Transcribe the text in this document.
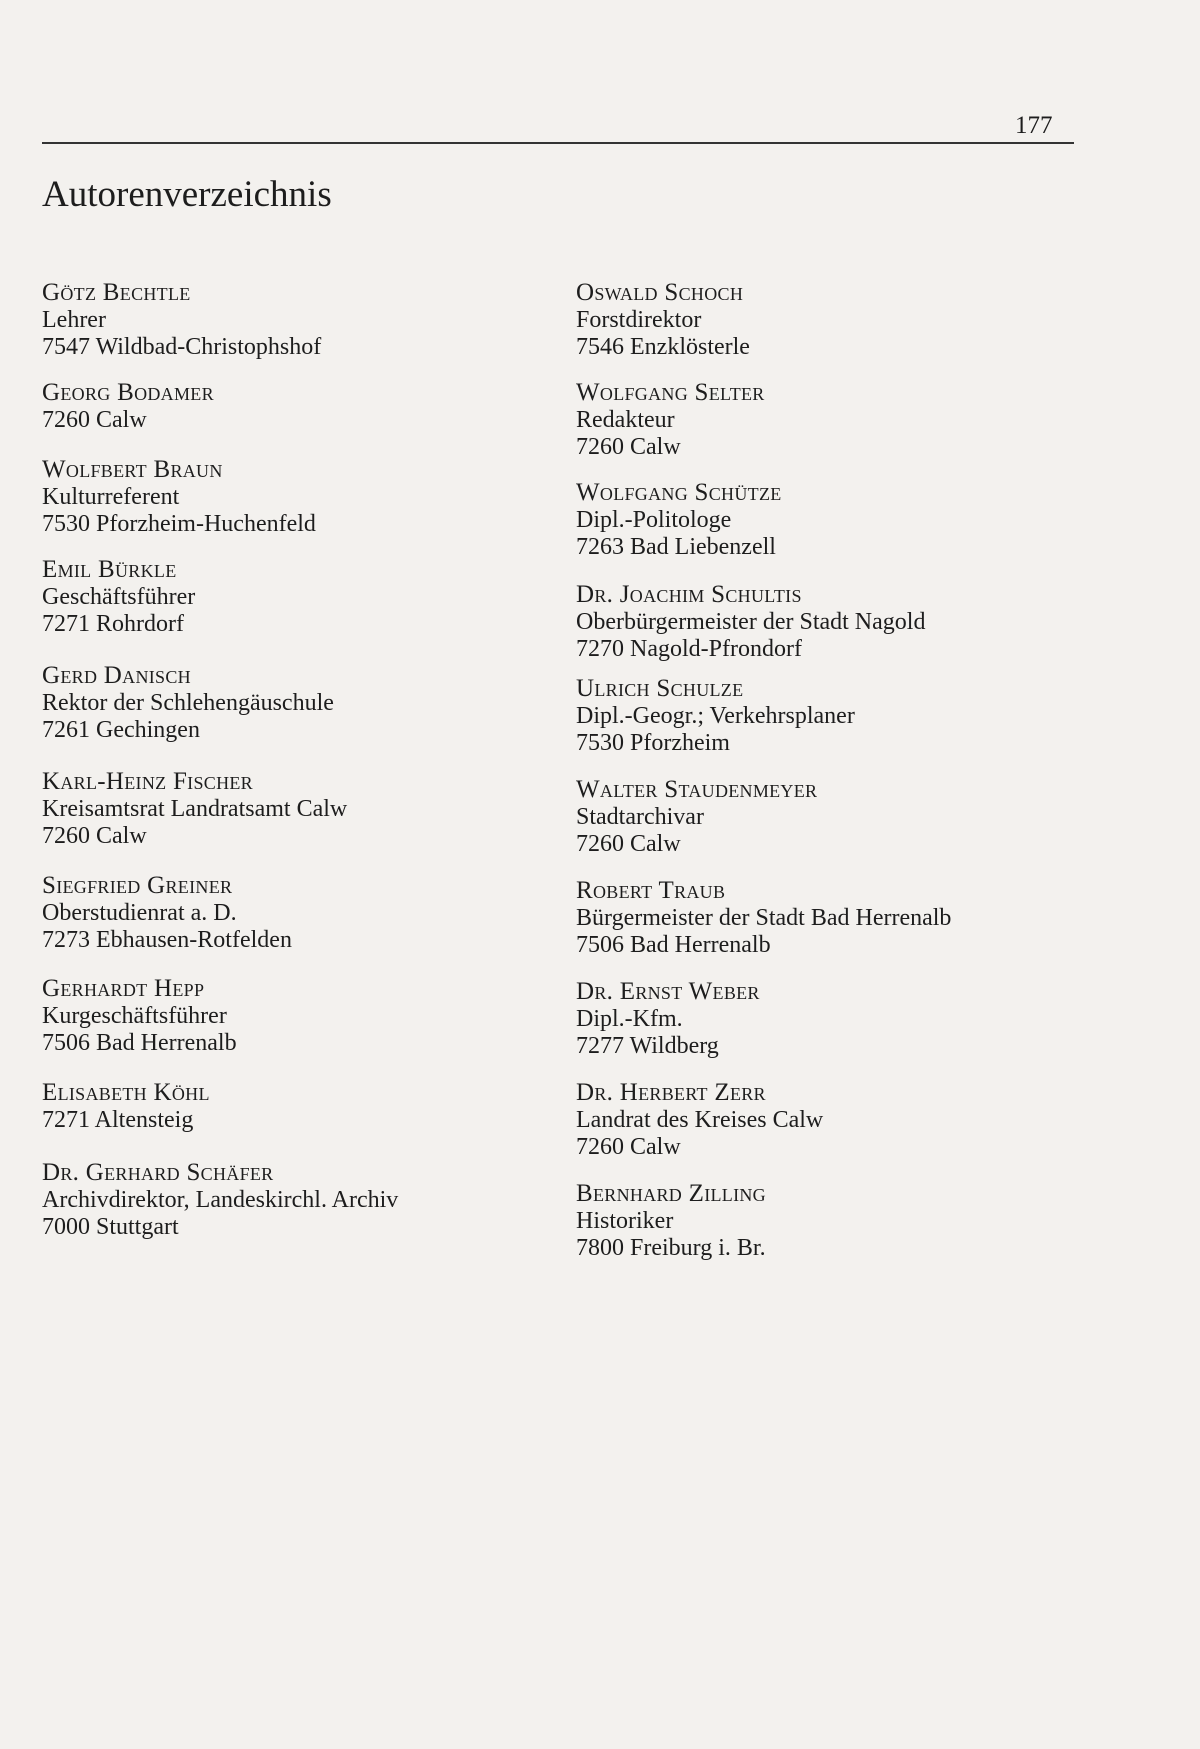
177
Autorenverzeichnis
Götz Bechtle
Lehrer
7547 Wildbad-Christophshof
Georg Bodamer
7260 Calw
Wolfbert Braun
Kulturreferent
7530 Pforzheim-Huchenfeld
Emil Bürkle
Geschäftsführer
7271 Rohrdorf
Gerd Danisch
Rektor der Schlehengäuschule
7261 Gechingen
Karl-Heinz Fischer
Kreisamtsrat Landratsamt Calw
7260 Calw
Siegfried Greiner
Oberstudienrat a. D.
7273 Ebhausen-Rotfelden
Gerhardt Hepp
Kurgeschäftsführer
7506 Bad Herrenalb
Elisabeth Köhl
7271 Altensteig
Dr. Gerhard Schäfer
Archivdirektor, Landeskirchl. Archiv
7000 Stuttgart
Oswald Schoch
Forstdirektor
7546 Enzklösterle
Wolfgang Selter
Redakteur
7260 Calw
Wolfgang Schütze
Dipl.-Politologe
7263 Bad Liebenzell
Dr. Joachim Schultis
Oberbürgermeister der Stadt Nagold
7270 Nagold-Pfrondorf
Ulrich Schulze
Dipl.-Geogr.; Verkehrsplaner
7530 Pforzheim
Walter Staudenmeyer
Stadtarchivar
7260 Calw
Robert Traub
Bürgermeister der Stadt Bad Herrenalb
7506 Bad Herrenalb
Dr. Ernst Weber
Dipl.-Kfm.
7277 Wildberg
Dr. Herbert Zerr
Landrat des Kreises Calw
7260 Calw
Bernhard Zilling
Historiker
7800 Freiburg i. Br.
